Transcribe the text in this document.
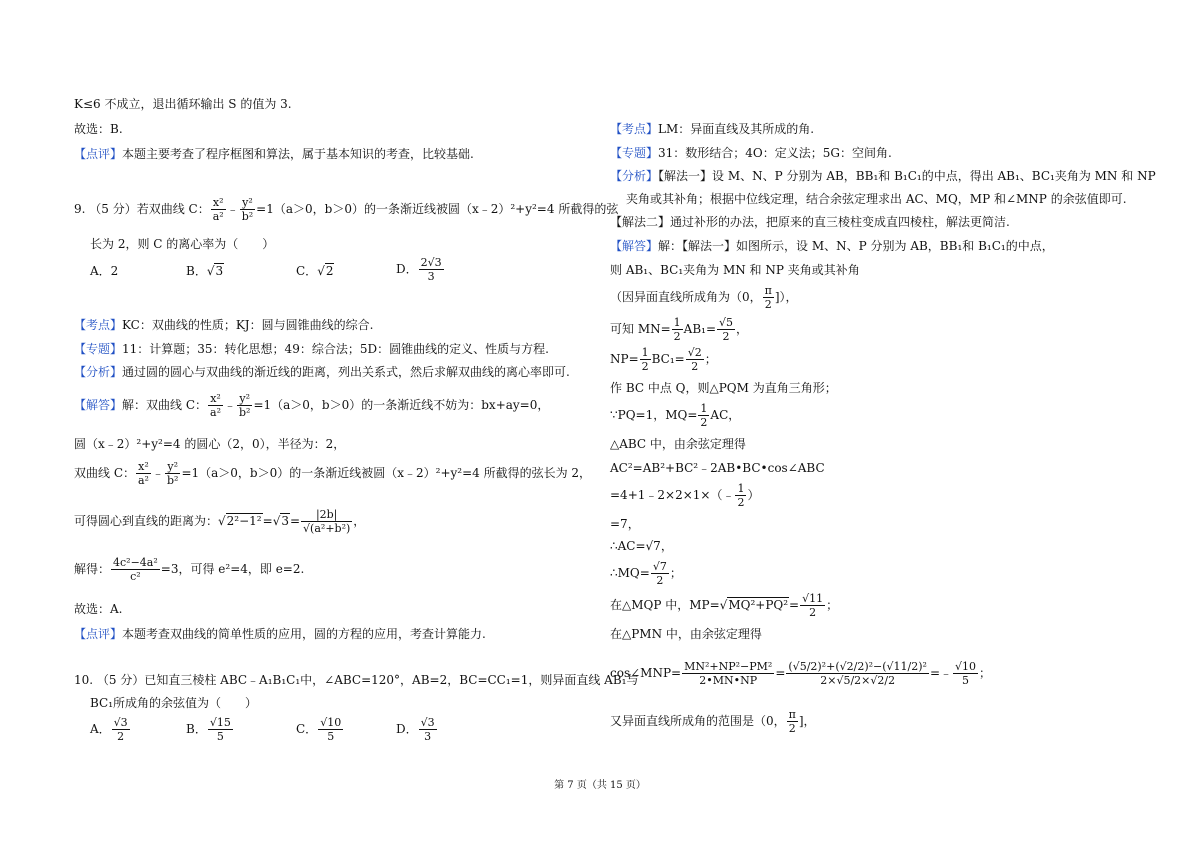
K≤6 不成立，退出循环输出 S 的值为 3.
故选：B.
【点评】本题主要考查了程序框图和算法，属于基本知识的考查，比较基础.
9. （5 分）若双曲线 C： $\frac{\text{x²}}{\text{a²}}$ ﹣ $\frac{\text{y²}}{\text{b²}} =1(a>0$，b＞0）的一条渐近线被圆（x﹣2）²+y²=4 所截得的弦
长为 2，则 C 的离心率为（　　）
A．2	B．√3	C．√2	D． $\frac{2√3}{3}$
【考点】KC：双曲线的性质；KJ：圆与圆锥曲线的综合.
【专题】11：计算题；35：转化思想；49：综合法；5D：圆锥曲线的定义、性质与方程.
【分析】通过圆的圆心与双曲线的渐近线的距离，列出关系式，然后求解双曲线的离心率即可.
【解答】解：双曲线 C： $\frac{\text{x²}}{\text{a²}}$ ﹣ $\frac{\text{y²}}{\text{b²}} =1(a>0$，b＞0）的一条渐近线不妨为：bx+ay=0，
圆（x﹣2）²+y²=4 的圆心（2，0），半径为：2，
双曲线 C： $\frac{\text{x²}}{\text{a²}}$ ﹣ $\frac{\text{y²}}{\text{b²}} =1(a>0$，b＞0）的一条渐近线被圆（x﹣2）²+y²=4 所截得的弦长为 2，
可得圆心到直线的距离为：$√2^2-1^2=√3= \frac{|2b|}{\text{√(a²+b²)}}$ ，
解得： $\frac{\text{4c²−4a²}}{\text{c²}} =3$，可得 e²=4，即 e=2.
故选：A.
【点评】本题考查双曲线的简单性质的应用，圆的方程的应用，考查计算能力.
10. （5 分）已知直三棱柱 ABC﹣A₁B₁C₁中，∠ABC=120°，AB=2，BC=CC₁=1，则异面直线 AB₁与
BC₁所成角的余弦值为（　　）
A． $\frac{√3}{2}$	B． $\frac{√15}{5}$	C． $\frac{√10}{5}$	D． $\frac{√3}{3}$
【考点】LM：异面直线及其所成的角.
【专题】31：数形结合；4O：定义法；5G：空间角.
【分析】【解法一】设 M、N、P 分别为 AB，BB₁和 B₁C₁的中点，得出 AB₁、BC₁夹角为 MN 和 NP
夹角或其补角；根据中位线定理，结合余弦定理求出 AC、MQ，MP 和∠MNP 的余弦值即可.
【解法二】通过补形的办法，把原来的直三棱柱变成直四棱柱，解法更简洁.
【解答】解：【解法一】如图所示，设 M、N、P 分别为 AB，BB₁和 B₁C₁的中点，
则 AB₁、BC₁夹角为 MN 和 NP 夹角或其补角
（因异面直线所成角为（0， $\frac{\pi}{2}$ ]），
可知 $MN= \frac{1}{2} AB_1= \frac{√5}{2}$ ，
$NP= \frac{1}{2} BC_1= \frac{√2}{2}$ ；
作 BC 中点 Q，则△PQM 为直角三角形；
∵PQ=1，$MQ= \frac{1}{2}$ AC，
△ABC 中，由余弦定理得
AC²=AB²+BC²﹣2AB•BC•cos∠ABC
=4+1﹣2×2×1×（﹣ $\frac{1}{2}$ ）
=7，
∴AC=√7，
∴MQ= $\frac{√7}{2}$ ；
在△MQP 中，$MP=√MQ^2+PQ^2= \frac{√11}{2}$ ；
在△PMN 中，由余弦定理得
cos∠MNP= $\frac{\text{MN²+NP²−PM²}}{2•MN•NP} = \frac{\text{(√5/2)²+(√2/2)²−(√11/2)²}}{2\times√5/2\times√2/2}$ =﹣ $\frac{√10}{5}$ ；
又异面直线所成角的范围是（0， $\frac{\pi}{2}$ ]，
第 7 页（共 15 页）
